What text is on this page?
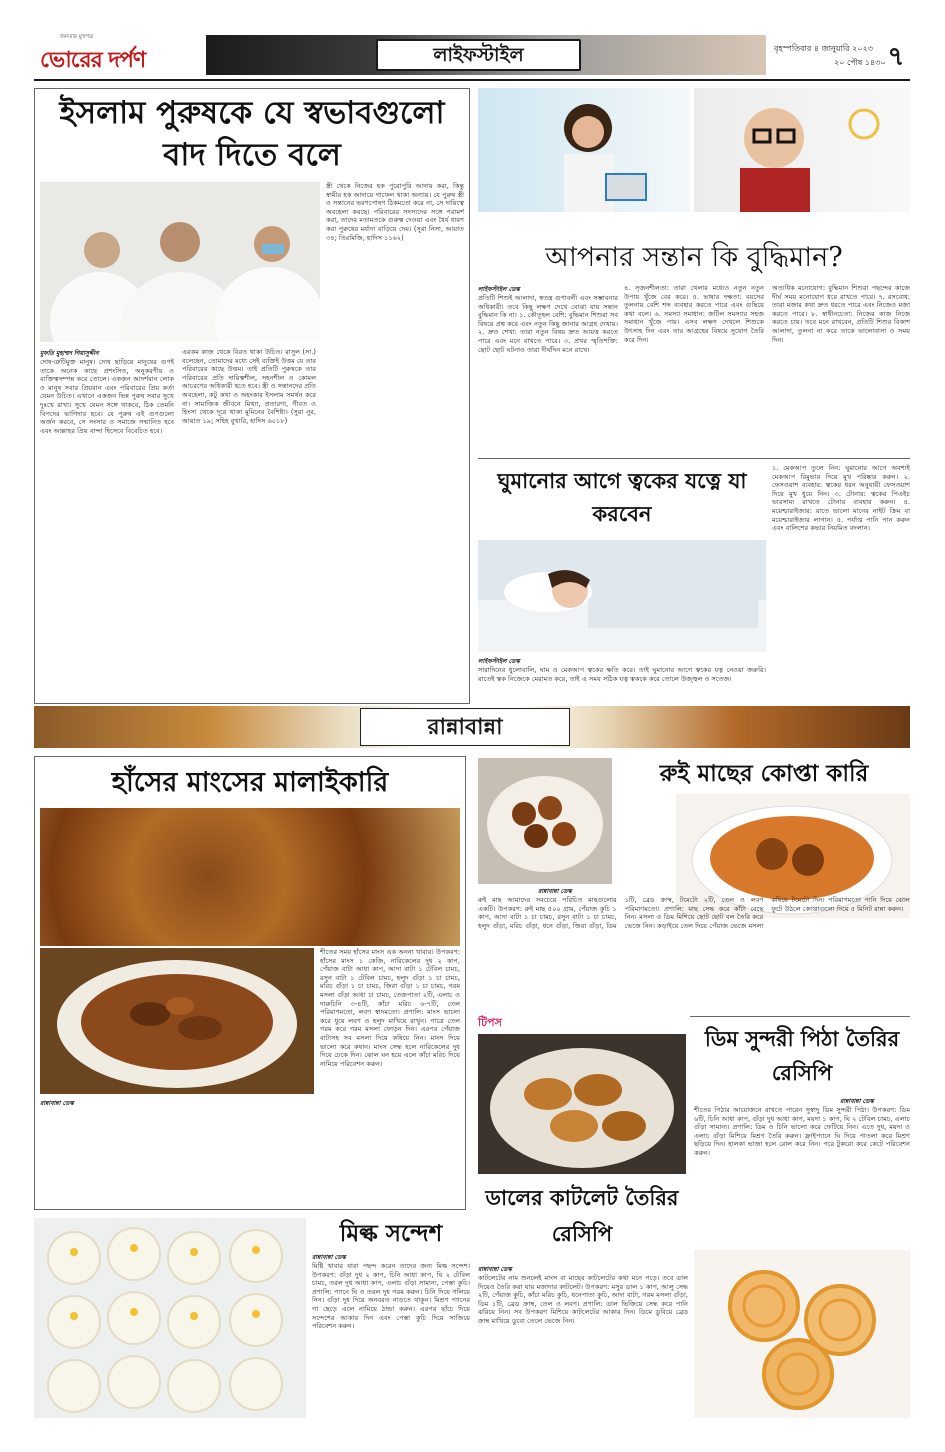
জনতার মুখপত্র
ভোরের দর্পণ	লাইফস্টাইল	বৃহস্পতিবার ৪ জানুয়ারি ২০২৩
২০ পৌষ ১৪৩০ ৭
ইসলাম পুরুষকে যে স্বভাবগুলো বাদ দিতে বলে
মুফতি মুহাম্মদ গিয়াসুদ্দীন
দোষ-ত্রুটিমুক্ত মানুষ। দোষ ছাড়িয়ে মানুষের গুণই তাকে অনেক কাছে প্রশংসিত, অনুকরণীয় ও ব্যক্তিত্বসম্পন্ন করে তোলে। একজন আদর্শবান লোক ও মানুষ সবার প্রিয়বান এবং পরিবারের প্রিয় কর্তা যেমন উচিত। এখানে একজন ভিন্ন পুরুষ সবার সুখে দুঃখে রাখা। সুখে যেমন সঙ্গে থাকবে, ঠিক তেমনি বিপদের ভাগিদার হবে। যে পুরুষ এই গুণগুলো অর্জন করবে, সে সংসার ও সমাজে সম্মানিত হবে এবং আল্লাহর প্রিয় বান্দা হিসেবে বিবেচিত হবে।
এরকম কাজ থেকে বিরত থাকা উচিত। রাসুল (সা.) বলেছেন, তোমাদের মধ্যে সেই ব্যক্তিই উত্তম যে তার পরিবারের কাছে উত্তম। তাই প্রতিটি পুরুষকে তার পরিবারের প্রতি দায়িত্বশীল, সহনশীল ও কোমল আচরণের অধিকারী হতে হবে। স্ত্রী ও সন্তানদের প্রতি অবহেলা, কটু কথা ও অহংকার ইসলাম সমর্থন করে না। সামাজিক জীবনে মিথ্যা, প্রতারণা, গীবত ও হিংসা থেকে দূরে থাকা মুমিনের বৈশিষ্ট্য। (সুরা নুর, আয়াত ১৯; সহিহ বুখারি, হাদিস ৬০১৮)
স্ত্রী থেকে নিজের হক পুরোপুরি আদায় করা, কিন্তু স্বামীর হক আদায়ে গাফেল থাকা অন্যায়। যে পুরুষ স্ত্রী ও সন্তানের ভরণপোষণ ঠিকমতো করে না, সে দায়িত্বে অবহেলা করছে। পরিবারের সদস্যদের সঙ্গে পরামর্শ করা, তাদের মতামতকে গুরুত্ব দেওয়া এবং ধৈর্য ধারণ করা পুরুষের মর্যাদা বাড়িয়ে দেয়। (সুরা নিসা, আয়াত ৩৪; তিরমিজি, হাদিস ১১৬২)
আপনার সন্তান কি বুদ্ধিমান?
লাইফস্টাইল ডেস্ক
প্রতিটি শিশুই আলাদা, স্বতন্ত্র গুণাবলী এবং সম্ভাবনার অধিকারী। তবে কিছু লক্ষণ দেখে বোঝা যায় সন্তান বুদ্ধিমান কি না। ১. কৌতূহল বেশি: বুদ্ধিমান শিশুরা সব বিষয়ে প্রশ্ন করে এবং নতুন কিছু জানার আগ্রহ দেখায়। ২. দ্রুত শেখা: তারা নতুন বিষয় দ্রুত আয়ত্ত করতে পারে এবং মনে রাখতে পারে। ৩. প্রখর স্মৃতিশক্তি: ছোট ছোট ঘটনাও তারা দীর্ঘদিন মনে রাখে।
৪. সৃজনশীলতা: তারা খেলার মধ্যেও নতুন নতুন উপায় খুঁজে বের করে। ৫. ভাষার দক্ষতা: বয়সের তুলনায় বেশি শব্দ ব্যবহার করতে পারে এবং গুছিয়ে কথা বলে। ৬. সমস্যা সমাধান: জটিল সমস্যার সহজ সমাধান খুঁজে পায়। এসব লক্ষণ দেখলে শিশুকে উৎসাহ দিন এবং তার আগ্রহের বিষয়ে সুযোগ তৈরি করে দিন।
অত্যধিক মনোযোগ: বুদ্ধিমান শিশুরা পছন্দের কাজে দীর্ঘ সময় মনোযোগ ধরে রাখতে পারে। ৭. রসবোধ: তারা মজার কথা দ্রুত ধরতে পারে এবং নিজেও মজা করতে পারে। ৮. স্বাধীনচেতা: নিজের কাজ নিজে করতে চায়। তবে মনে রাখবেন, প্রতিটি শিশুর বিকাশ আলাদা, তুলনা না করে তাকে ভালোবাসা ও সময় দিন।
ঘুমানোর আগে ত্বকের যত্নে যা করবেন
লাইফস্টাইল ডেস্ক
সারাদিনের ধুলোবালি, ঘাম ও মেকআপ ত্বকের ক্ষতি করে। তাই ঘুমানোর আগে ত্বকের যত্ন নেওয়া জরুরি। রাতেই ত্বক নিজেকে মেরামত করে, তাই এ সময় সঠিক যত্ন ত্বককে করে তোলে উজ্জ্বল ও সতেজ।
১. মেকআপ তুলে নিন: ঘুমানোর আগে অবশ্যই মেকআপ রিমুভার দিয়ে মুখ পরিষ্কার করুন। ২. ফেসওয়াশ ব্যবহার: ত্বকের ধরন অনুযায়ী ফেসওয়াশ দিয়ে মুখ ধুয়ে নিন। ৩. টোনার: ত্বকের পিএইচ ভারসাম্য রাখতে টোনার ব্যবহার করুন। ৪. ময়েশ্চারাইজার: রাতে ভালো মানের নাইট ক্রিম বা ময়েশ্চারাইজার লাগান। ৫. পর্যাপ্ত পানি পান করুন এবং বালিশের কভার নিয়মিত বদলান।
রান্নাবান্না
হাঁসের মাংসের মালাইকারি
শীতের সময় হাঁসের মাংস এক অনন্য খাবার। উপকরণ: হাঁসের মাংস ১ কেজি, নারিকেলের দুধ ২ কাপ, পেঁয়াজ বাটা আধা কাপ, আদা বাটা ১ টেবিল চামচ, রসুন বাটা ১ টেবিল চামচ, হলুদ গুঁড়া ১ চা চামচ, মরিচ গুঁড়া ১ চা চামচ, জিরা গুঁড়া ১ চা চামচ, গরম মসলা গুঁড়া আধা চা চামচ, তেজপাতা ২টি, এলাচ ও দারুচিনি ৩-৪টি, কাঁচা মরিচ ৬-৭টি, তেল পরিমাণমতো, লবণ স্বাদমতো। প্রণালি: মাংস ভালো করে ধুয়ে লবণ ও হলুদ মাখিয়ে রাখুন। পাত্রে তেল গরম করে গরম মসলা ফোড়ন দিন। এরপর পেঁয়াজ বাটাসহ সব মসলা দিয়ে কষিয়ে নিন। মাংস দিয়ে ভালো করে কষান। মাংস সেদ্ধ হলে নারিকেলের দুধ দিয়ে ঢেকে দিন। ঝোল ঘন হয়ে এলে কাঁচা মরিচ দিয়ে নামিয়ে পরিবেশন করুন।
রান্নাবান্না ডেস্ক
রুই মাছের কোপ্তা কারি
রান্নাবান্না ডেস্ক
রুই মাছ আমাদের সবচেয়ে পরিচিত মাছগুলোর একটি। উপকরণ: রুই মাছ ৫০০ গ্রাম, পেঁয়াজ কুচি ১ কাপ, আদা বাটা ১ চা চামচ, রসুন বাটা ১ চা চামচ, হলুদ গুঁড়া, মরিচ গুঁড়া, ধনে গুঁড়া, জিরা গুঁড়া, ডিম ১টি, ব্রেড ক্রাম্ব, টমেটো ২টি, তেল ও লবণ পরিমাণমতো। প্রণালি: মাছ সেদ্ধ করে কাঁটা বেছে নিন। মসলা ও ডিম মিশিয়ে ছোট ছোট বল তৈরি করে ভেজে নিন। কড়াইয়ে তেল দিয়ে পেঁয়াজ ভেজে মসলা কষিয়ে টমেটো দিন। পরিমাণমতো পানি দিয়ে ঝোল ফুটে উঠলে কোপ্তাগুলো দিয়ে ৫ মিনিট রান্না করুন।
ডিম সুন্দরী পিঠা তৈরির রেসিপি
রান্নাবান্না ডেস্ক
শীতের পিঠার আয়োজনে রাখতে পারেন সুস্বাদু ডিম সুন্দরী পিঠা। উপকরণ: ডিম ৬টি, চিনি আধা কাপ, গুঁড়া দুধ আধা কাপ, ময়দা ১ কাপ, ঘি ২ টেবিল চামচ, এলাচ গুঁড়া সামান্য। প্রণালি: ডিম ও চিনি ভালো করে ফেটিয়ে নিন। এতে দুধ, ময়দা ও এলাচ গুঁড়া মিশিয়ে মিশ্রণ তৈরি করুন। ফ্রাইপ্যানে ঘি দিয়ে পাতলা করে মিশ্রণ ছড়িয়ে দিন। হালকা ভাজা হলে রোল করে নিন। পরে টুকরো করে কেটে পরিবেশন করুন।
টিপস
মিল্ক সন্দেশ
রান্নাবান্না ডেস্ক
মিষ্টি খাবার যারা পছন্দ করেন তাদের জন্য মিল্ক সন্দেশ। উপকরণ: গুঁড়া দুধ ২ কাপ, চিনি আধা কাপ, ঘি ২ টেবিল চামচ, তরল দুধ আধা কাপ, এলাচ গুঁড়া সামান্য, পেস্তা কুচি। প্রণালি: প্যানে ঘি ও তরল দুধ গরম করুন। চিনি দিয়ে গলিয়ে নিন। গুঁড়া দুধ দিয়ে অনবরত নাড়তে থাকুন। মিশ্রণ প্যানের গা ছেড়ে এলে নামিয়ে ঠান্ডা করুন। এরপর ছাঁচে দিয়ে সন্দেশের আকার দিন এবং পেস্তা কুচি দিয়ে সাজিয়ে পরিবেশন করুন।
ডালের কাটলেট তৈরির রেসিপি
রান্নাবান্না ডেস্ক
কাটলেটের নাম শুনলেই মাংস বা মাছের কাটলেটের কথা মনে পড়ে। তবে ডাল দিয়েও তৈরি করা যায় মজাদার কাটলেট। উপকরণ: মসুর ডাল ১ কাপ, আলু সেদ্ধ ২টি, পেঁয়াজ কুচি, কাঁচা মরিচ কুচি, ধনেপাতা কুচি, আদা বাটা, গরম মসলা গুঁড়া, ডিম ১টি, ব্রেড ক্রাম্ব, তেল ও লবণ। প্রণালি: ডাল ভিজিয়ে সেদ্ধ করে পানি ঝরিয়ে নিন। সব উপকরণ মিশিয়ে কাটলেটের আকার দিন। ডিমে ডুবিয়ে ব্রেড ক্রাম্ব মাখিয়ে ডুবো তেলে ভেজে নিন।
